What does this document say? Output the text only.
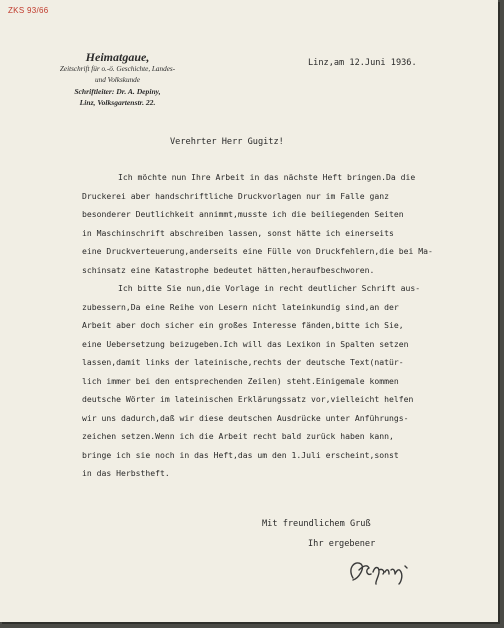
ZKS 93/66
Heimatgaue,
Zeitschrift für o.-ö. Geschichte, Landes-
und Volkskunde
Schriftleiter: Dr. A. Depiny,
Linz, Volksgartenstr. 22.
Linz,am 12.Juni 1936.
Verehrter Herr Gugitz!
Ich möchte nun Ihre Arbeit in das nächste Heft bringen.Da die
Druckerei aber handschriftliche Druckvorlagen nur im Falle ganz
besonderer Deutlichkeit annimmt,musste ich die beiliegenden Seiten
in Maschinschrift abschreiben lassen, sonst hätte ich einerseits
eine Druckverteuerung,anderseits eine Fülle von Druckfehlern,die bei Ma-
schinsatz eine Katastrophe bedeutet hätten,heraufbeschworen.
Ich bitte Sie nun,die Vorlage in recht deutlicher Schrift aus-
zubessern,Da eine Reihe von Lesern nicht lateinkundig sind,an der
Arbeit aber doch sicher ein großes Interesse fänden,bitte ich Sie,
eine Uebersetzung beizugeben.Ich will das Lexikon in Spalten setzen
lassen,damit links der lateinische,rechts der deutsche Text(natür-
lich immer bei den entsprechenden Zeilen) steht.Einigemale kommen
deutsche Wörter im lateinischen Erklärungssatz vor,vielleicht helfen
wir uns dadurch,daß wir diese deutschen Ausdrücke unter Anführungs-
zeichen setzen.Wenn ich die Arbeit recht bald zurück haben kann,
bringe ich sie noch in das Heft,das um den 1.Juli erscheint,sonst
in das Herbstheft.
Mit freundlichem Gruß
Ihr ergebener
